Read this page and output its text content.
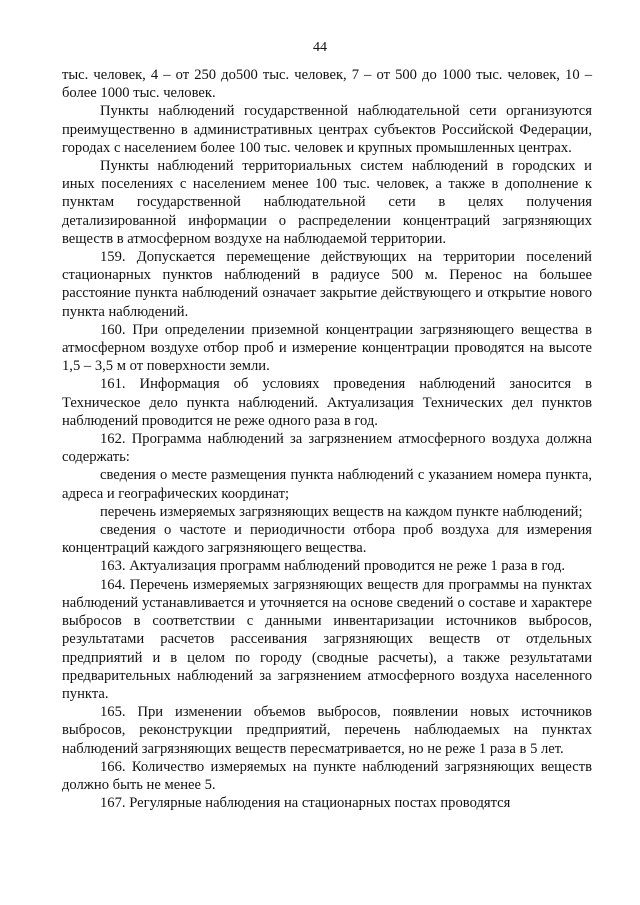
44

тыс. человек, 4 – от 250 до500 тыс. человек, 7 – от 500 до 1000 тыс. человек, 10 – более 1000 тыс. человек.

Пункты наблюдений государственной наблюдательной сети организуются преимущественно в административных центрах субъектов Российской Федерации, городах с населением более 100 тыс. человек и крупных промышленных центрах.

Пункты наблюдений территориальных систем наблюдений в городских и иных поселениях с населением менее 100 тыс. человек, а также в дополнение к пунктам государственной наблюдательной сети в целях получения детализированной информации о распределении концентраций загрязняющих веществ в атмосферном воздухе на наблюдаемой территории.

159. Допускается перемещение действующих на территории поселений стационарных пунктов наблюдений в радиусе 500 м. Перенос на большее расстояние пункта наблюдений означает закрытие действующего и открытие нового пункта наблюдений.

160. При определении приземной концентрации загрязняющего вещества в атмосферном воздухе отбор проб и измерение концентрации проводятся на высоте 1,5 – 3,5 м от поверхности земли.

161. Информация об условиях проведения наблюдений заносится в Техническое дело пункта наблюдений. Актуализация Технических дел пунктов наблюдений проводится не реже одного раза в год.

162. Программа наблюдений за загрязнением атмосферного воздуха должна содержать:

сведения о месте размещения пункта наблюдений с указанием номера пункта, адреса и географических координат;

перечень измеряемых загрязняющих веществ на каждом пункте наблюдений;

сведения о частоте и периодичности отбора проб воздуха для измерения концентраций каждого загрязняющего вещества.

163. Актуализация программ наблюдений проводится не реже 1 раза в год.

164. Перечень измеряемых загрязняющих веществ для программы на пунктах наблюдений устанавливается и уточняется на основе сведений о составе и характере выбросов в соответствии с данными инвентаризации источников выбросов, результатами расчетов рассеивания загрязняющих веществ от отдельных предприятий и в целом по городу (сводные расчеты), а также результатами предварительных наблюдений за загрязнением атмосферного воздуха населенного пункта.

165. При изменении объемов выбросов, появлении новых источников выбросов, реконструкции предприятий, перечень наблюдаемых на пунктах наблюдений загрязняющих веществ пересматривается, но не реже 1 раза в 5 лет.

166. Количество измеряемых на пункте наблюдений загрязняющих веществ должно быть не менее 5.

167. Регулярные наблюдения на стационарных постах проводятся
